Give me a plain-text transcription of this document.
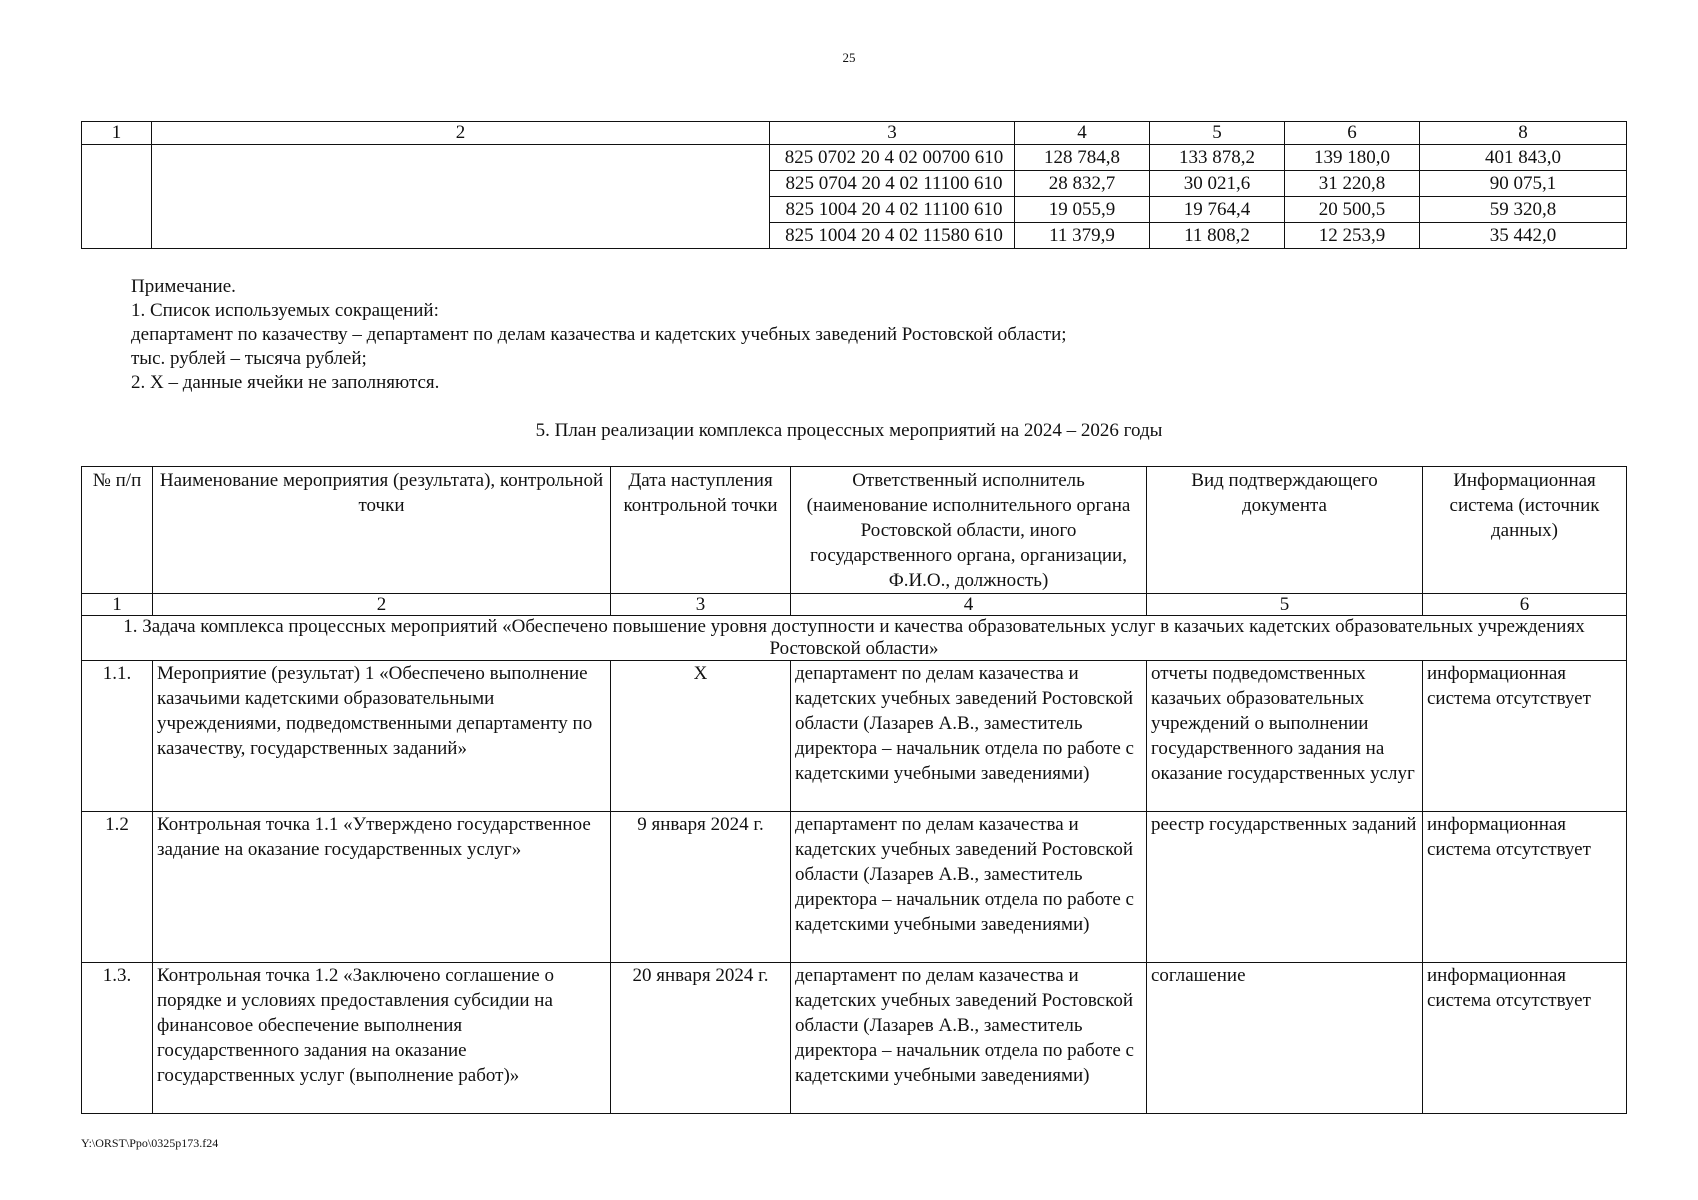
25
1	2	3	4	5	6	8
		825 0702 20 4 02 00700 610	128 784,8	133 878,2	139 180,0	401 843,0
		825 0704 20 4 02 11100 610	28 832,7	30 021,6	31 220,8	90 075,1
		825 1004 20 4 02 11100 610	19 055,9	19 764,4	20 500,5	59 320,8
		825 1004 20 4 02 11580 610	11 379,9	11 808,2	12 253,9	35 442,0
Примечание.
1. Список используемых сокращений:
департамент по казачеству – департамент по делам казачества и кадетских учебных заведений Ростовской области;
тыс. рублей – тысяча рублей;
2. Х – данные ячейки не заполняются.
5. План реализации комплекса процессных мероприятий на 2024 – 2026 годы
№ п/п	Наименование мероприятия (результата), контрольной точки	Дата наступления контрольной точки	Ответственный исполнитель (наименование исполнительного органа Ростовской области, иного государственного органа, организации, Ф.И.О., должность)	Вид подтверждающего документа	Информационная система (источник данных)
1	2	3	4	5	6
1. Задача комплекса процессных мероприятий «Обеспечено повышение уровня доступности и качества образовательных услуг в казачьих кадетских образовательных учреждениях Ростовской области»					
1.1.	Мероприятие (результат) 1 «Обеспечено выполнение казачьими кадетскими образовательными учреждениями, подведомственными департаменту по казачеству, государственных заданий»	Х	департамент по делам казачества и кадетских учебных заведений Ростовской области (Лазарев А.В., заместитель директора – начальник отдела по работе с кадетскими учебными заведениями)	отчеты подведомственных казачьих образовательных учреждений о выполнении государственного задания на оказание государственных услуг	информационная система отсутствует
1.2	Контрольная точка 1.1 «Утверждено государственное задание на оказание государственных услуг»	9 января 2024 г.	департамент по делам казачества и кадетских учебных заведений Ростовской области (Лазарев А.В., заместитель директора – начальник отдела по работе с кадетскими учебными заведениями)	реестр государственных заданий	информационная система отсутствует
1.3.	Контрольная точка 1.2 «Заключено соглашение о порядке и условиях предоставления субсидии на финансовое обеспечение выполнения государственного задания на оказание государственных услуг (выполнение работ)»	20 января 2024 г.	департамент по делам казачества и кадетских учебных заведений Ростовской области (Лазарев А.В., заместитель директора – начальник отдела по работе с кадетскими учебными заведениями)	соглашение	информационная система отсутствует
Y:\ORST\Ppo\0325p173.f24
